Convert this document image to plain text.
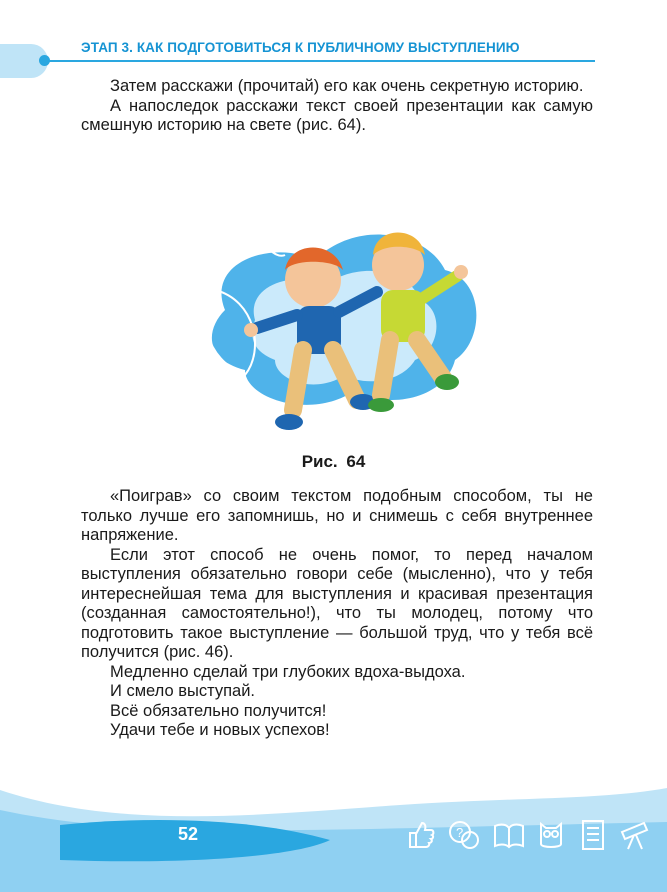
ЭТАП 3. КАК ПОДГОТОВИТЬСЯ К ПУБЛИЧНОМУ ВЫСТУПЛЕНИЮ

Затем расскажи (прочитай) его как очень секретную историю.

А напоследок расскажи текст своей презентации как самую смешную историю на свете (рис. 64).

Рис. 64

«Поиграв» со своим текстом подобным способом, ты не только лучше его запомнишь, но и снимешь с себя внутреннее напряжение.

Если этот способ не очень помог, то перед началом выступления обязательно говори себе (мысленно), что у тебя интереснейшая тема для выступления и красивая презентация (созданная самостоятельно!), что ты молодец, потому что подготовить такое выступление — большой труд, что у тебя всё получится (рис. 46).

Медленно сделай три глубоких вдоха-выдоха.

И смело выступай.

Всё обязательно получится!

Удачи тебе и новых успехов!

52	?
